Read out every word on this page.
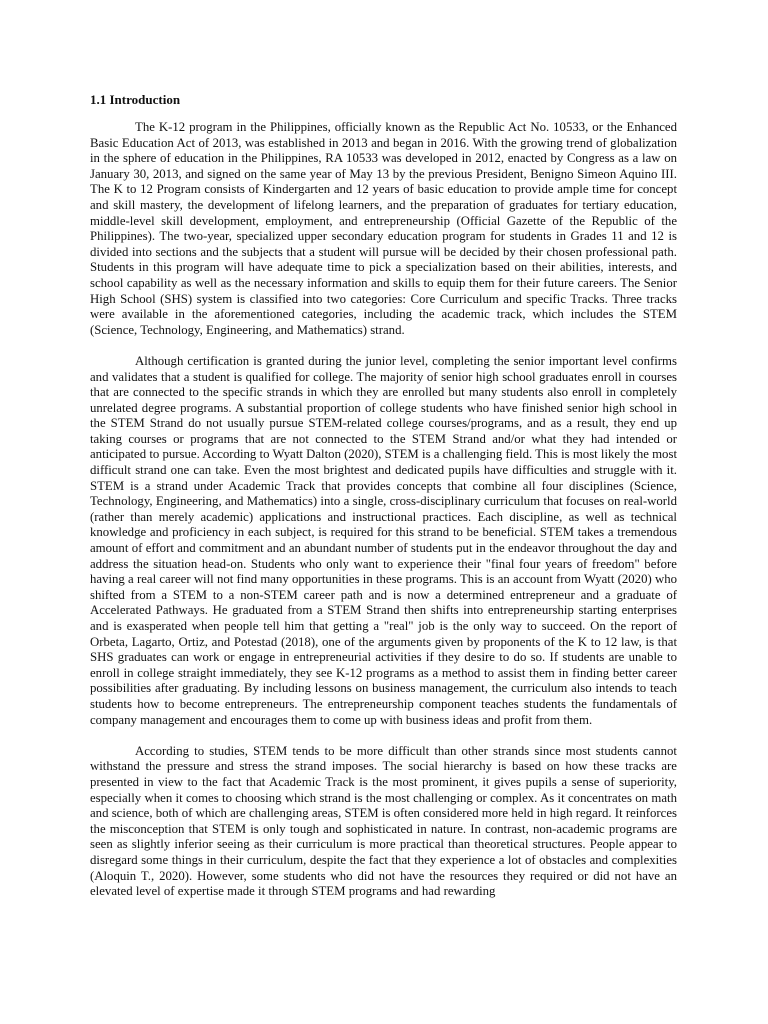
1.1 Introduction

The K-12 program in the Philippines, officially known as the Republic Act No. 10533, or the Enhanced Basic Education Act of 2013, was established in 2013 and began in 2016. With the growing trend of globalization in the sphere of education in the Philippines, RA 10533 was developed in 2012, enacted by Congress as a law on January 30, 2013, and signed on the same year of May 13 by the previous President, Benigno Simeon Aquino III. The K to 12 Program consists of Kindergarten and 12 years of basic education to provide ample time for concept and skill mastery, the development of lifelong learners, and the preparation of graduates for tertiary education, middle-level skill development, employment, and entrepreneurship (Official Gazette of the Republic of the Philippines). The two-year, specialized upper secondary education program for students in Grades 11 and 12 is divided into sections and the subjects that a student will pursue will be decided by their chosen professional path. Students in this program will have adequate time to pick a specialization based on their abilities, interests, and school capability as well as the necessary information and skills to equip them for their future careers. The Senior High School (SHS) system is classified into two categories: Core Curriculum and specific Tracks. Three tracks were available in the aforementioned categories, including the academic track, which includes the STEM (Science, Technology, Engineering, and Mathematics) strand.

Although certification is granted during the junior level, completing the senior important level confirms and validates that a student is qualified for college. The majority of senior high school graduates enroll in courses that are connected to the specific strands in which they are enrolled but many students also enroll in completely unrelated degree programs. A substantial proportion of college students who have finished senior high school in the STEM Strand do not usually pursue STEM-related college courses/programs, and as a result, they end up taking courses or programs that are not connected to the STEM Strand and/or what they had intended or anticipated to pursue. According to Wyatt Dalton (2020), STEM is a challenging field. This is most likely the most difficult strand one can take. Even the most brightest and dedicated pupils have difficulties and struggle with it. STEM is a strand under Academic Track that provides concepts that combine all four disciplines (Science, Technology, Engineering, and Mathematics) into a single, cross-disciplinary curriculum that focuses on real-world (rather than merely academic) applications and instructional practices. Each discipline, as well as technical knowledge and proficiency in each subject, is required for this strand to be beneficial. STEM takes a tremendous amount of effort and commitment and an abundant number of students put in the endeavor throughout the day and address the situation head-on. Students who only want to experience their "final four years of freedom" before having a real career will not find many opportunities in these programs. This is an account from Wyatt (2020) who shifted from a STEM to a non-STEM career path and is now a determined entrepreneur and a graduate of Accelerated Pathways. He graduated from a STEM Strand then shifts into entrepreneurship starting enterprises and is exasperated when people tell him that getting a "real" job is the only way to succeed. On the report of Orbeta, Lagarto, Ortiz, and Potestad (2018), one of the arguments given by proponents of the K to 12 law, is that SHS graduates can work or engage in entrepreneurial activities if they desire to do so. If students are unable to enroll in college straight immediately, they see K-12 programs as a method to assist them in finding better career possibilities after graduating. By including lessons on business management, the curriculum also intends to teach students how to become entrepreneurs. The entrepreneurship component teaches students the fundamentals of company management and encourages them to come up with business ideas and profit from them.

According to studies, STEM tends to be more difficult than other strands since most students cannot withstand the pressure and stress the strand imposes. The social hierarchy is based on how these tracks are presented in view to the fact that Academic Track is the most prominent, it gives pupils a sense of superiority, especially when it comes to choosing which strand is the most challenging or complex. As it concentrates on math and science, both of which are challenging areas, STEM is often considered more held in high regard. It reinforces the misconception that STEM is only tough and sophisticated in nature. In contrast, non-academic programs are seen as slightly inferior seeing as their curriculum is more practical than theoretical structures. People appear to disregard some things in their curriculum, despite the fact that they experience a lot of obstacles and complexities (Aloquin T., 2020). However, some students who did not have the resources they required or did not have an elevated level of expertise made it through STEM programs and had rewarding
